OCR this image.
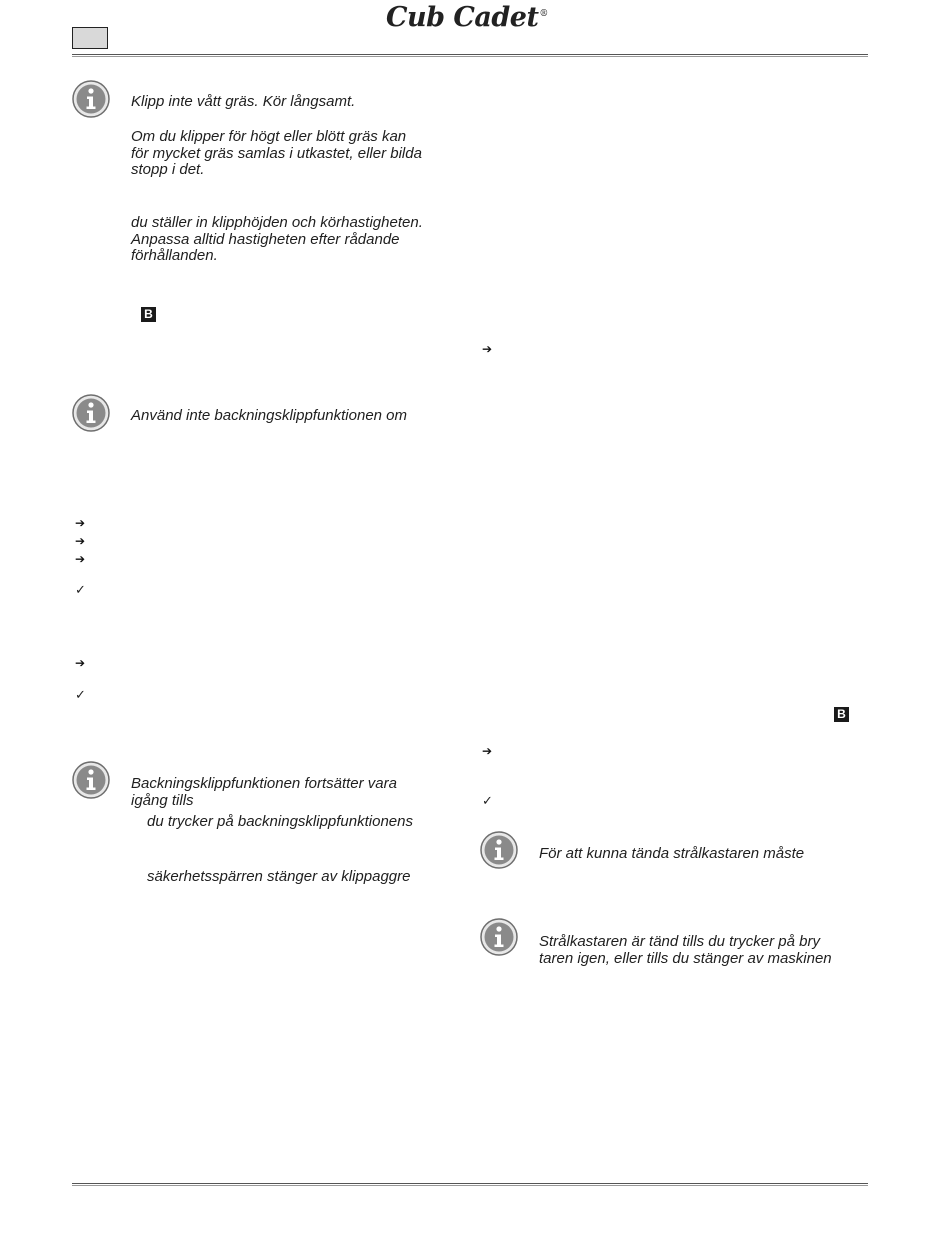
Cub Cadet®
Klipp inte vått gräs. Kör långsamt.
Om du klipper för högt eller blött gräs kan
för mycket gräs samlas i utkastet, eller bilda
stopp i det.
du ställer in klipphöjden och körhastigheten.
Anpassa alltid hastigheten efter rådande
förhållanden.
B
Använd inte backningsklippfunktionen om
➔
➔
➔
✓
➔
✓
Backningsklippfunktionen fortsätter vara
igång tills
du trycker på backningsklippfunktionens
säkerhetsspärren stänger av klippaggre
➔
B
➔
✓
För att kunna tända strålkastaren måste
Strålkastaren är tänd tills du trycker på bry
taren igen, eller tills du stänger av maskinen
